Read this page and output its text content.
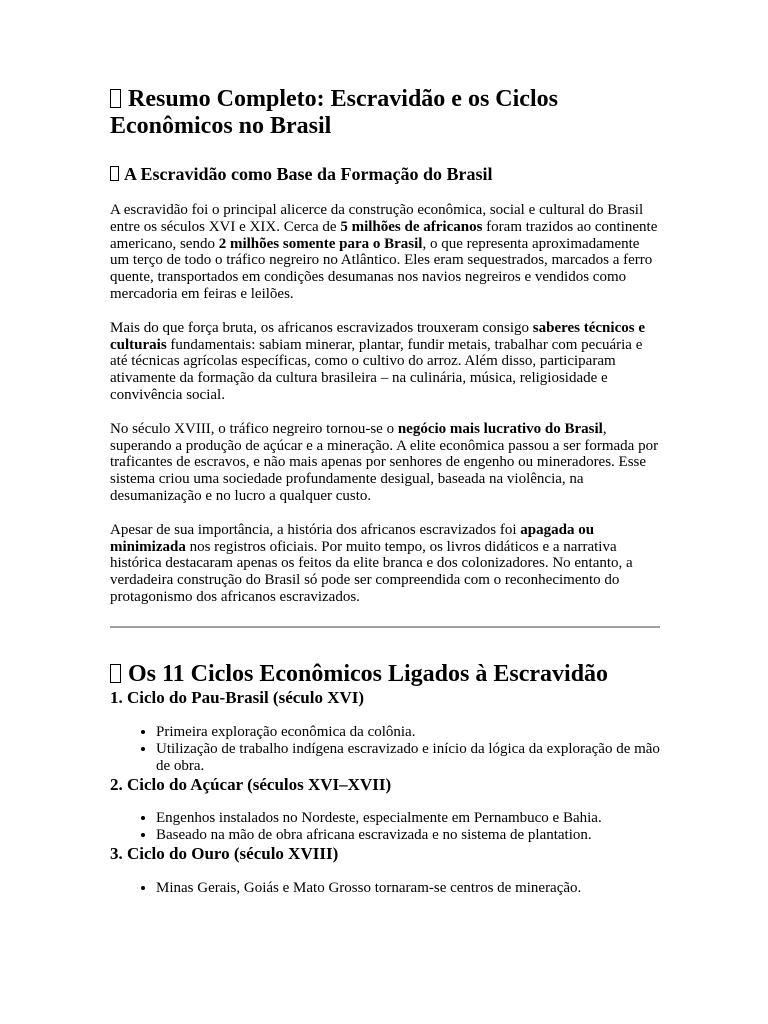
Resumo Completo: Escravidão e os Ciclos Econômicos no Brasil
A Escravidão como Base da Formação do Brasil

A escravidão foi o principal alicerce da construção econômica, social e cultural do Brasil entre os séculos XVI e XIX. Cerca de 5 milhões de africanos foram trazidos ao continente americano, sendo 2 milhões somente para o Brasil, o que representa aproximadamente um terço de todo o tráfico negreiro no Atlântico. Eles eram sequestrados, marcados a ferro quente, transportados em condições desumanas nos navios negreiros e vendidos como mercadoria em feiras e leilões.

Mais do que força bruta, os africanos escravizados trouxeram consigo saberes técnicos e culturais fundamentais: sabiam minerar, plantar, fundir metais, trabalhar com pecuária e até técnicas agrícolas específicas, como o cultivo do arroz. Além disso, participaram ativamente da formação da cultura brasileira – na culinária, música, religiosidade e convivência social.

No século XVIII, o tráfico negreiro tornou-se o negócio mais lucrativo do Brasil, superando a produção de açúcar e a mineração. A elite econômica passou a ser formada por traficantes de escravos, e não mais apenas por senhores de engenho ou mineradores. Esse sistema criou uma sociedade profundamente desigual, baseada na violência, na desumanização e no lucro a qualquer custo.

Apesar de sua importância, a história dos africanos escravizados foi apagada ou minimizada nos registros oficiais. Por muito tempo, os livros didáticos e a narrativa histórica destacaram apenas os feitos da elite branca e dos colonizadores. No entanto, a verdadeira construção do Brasil só pode ser compreendida com o reconhecimento do protagonismo dos africanos escravizados.

Os 11 Ciclos Econômicos Ligados à Escravidão
1. Ciclo do Pau-Brasil (século XVI)
• Primeira exploração econômica da colônia.
• Utilização de trabalho indígena escravizado e início da lógica da exploração de mão de obra.
2. Ciclo do Açúcar (séculos XVI–XVII)
• Engenhos instalados no Nordeste, especialmente em Pernambuco e Bahia.
• Baseado na mão de obra africana escravizada e no sistema de plantation.
3. Ciclo do Ouro (século XVIII)
• Minas Gerais, Goiás e Mato Grosso tornaram-se centros de mineração.
